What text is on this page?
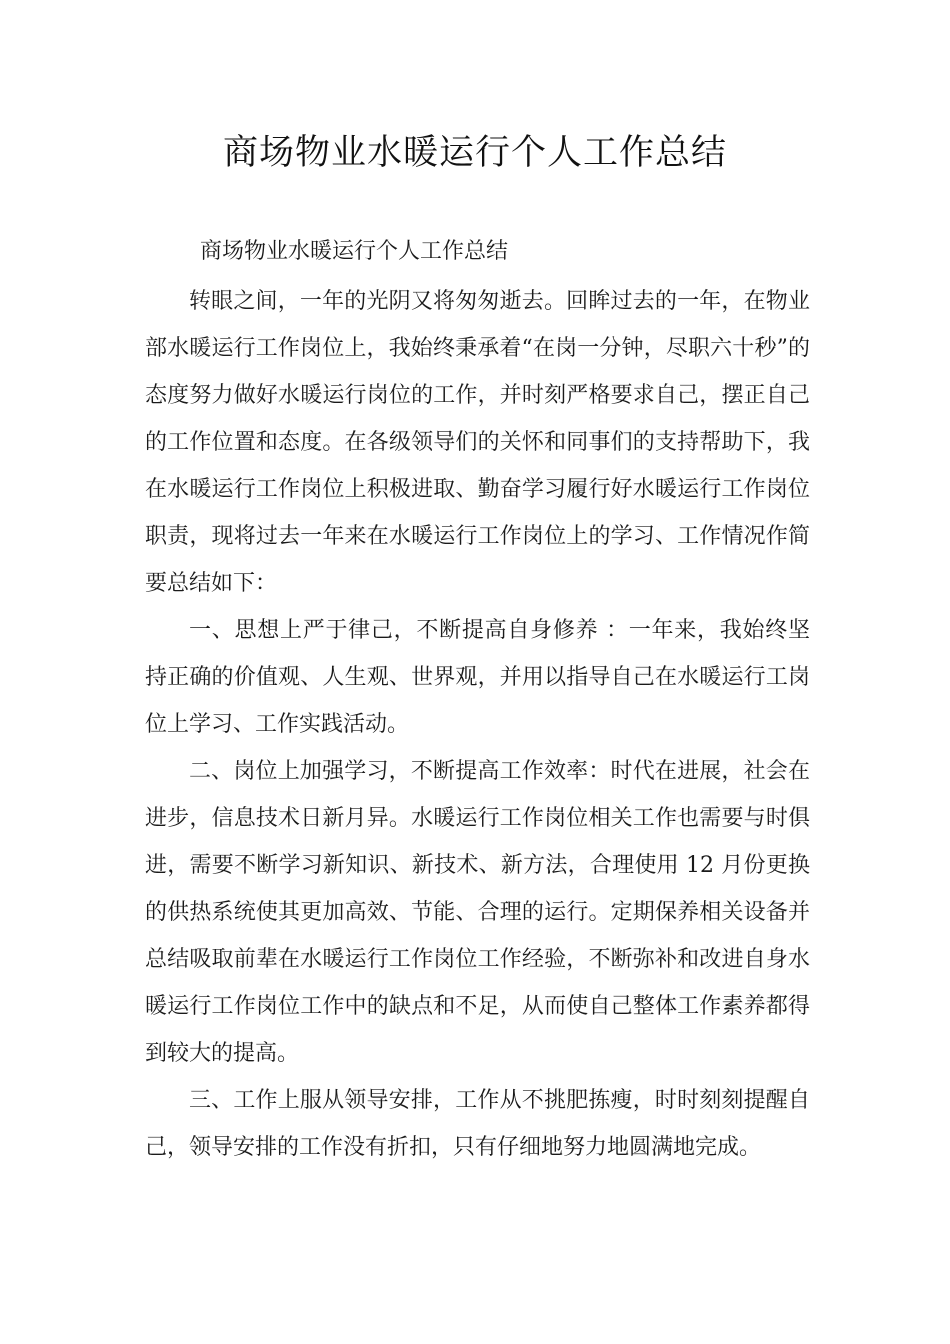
商场物业水暖运行个人工作总结

商场物业水暖运行个人工作总结

转眼之间，一年的光阴又将匆匆逝去。回眸过去的一年，在物业部水暖运行工作岗位上，我始终秉承着“在岗一分钟，尽职六十秒”的态度努力做好水暖运行岗位的工作，并时刻严格要求自己，摆正自己的工作位置和态度。在各级领导们的关怀和同事们的支持帮助下，我在水暖运行工作岗位上积极进取、勤奋学习履行好水暖运行工作岗位职责，现将过去一年来在水暖运行工作岗位上的学习、工作情况作简要总结如下：

一、思想上严于律己，不断提高自身修养 ：一年来，我始终坚持正确的价值观、人生观、世界观，并用以指导自己在水暖运行工岗位上学习、工作实践活动。

二、岗位上加强学习，不断提高工作效率：时代在进展，社会在进步，信息技术日新月异。水暖运行工作岗位相关工作也需要与时俱进，需要不断学习新知识、新技术、新方法，合理使用 12 月份更换的供热系统使其更加高效、节能、合理的运行。定期保养相关设备并总结吸取前辈在水暖运行工作岗位工作经验，不断弥补和改进自身水暖运行工作岗位工作中的缺点和不足，从而使自己整体工作素养都得到较大的提高。

三、工作上服从领导安排，工作从不挑肥拣瘦，时时刻刻提醒自己，领导安排的工作没有折扣，只有仔细地努力地圆满地完成。
